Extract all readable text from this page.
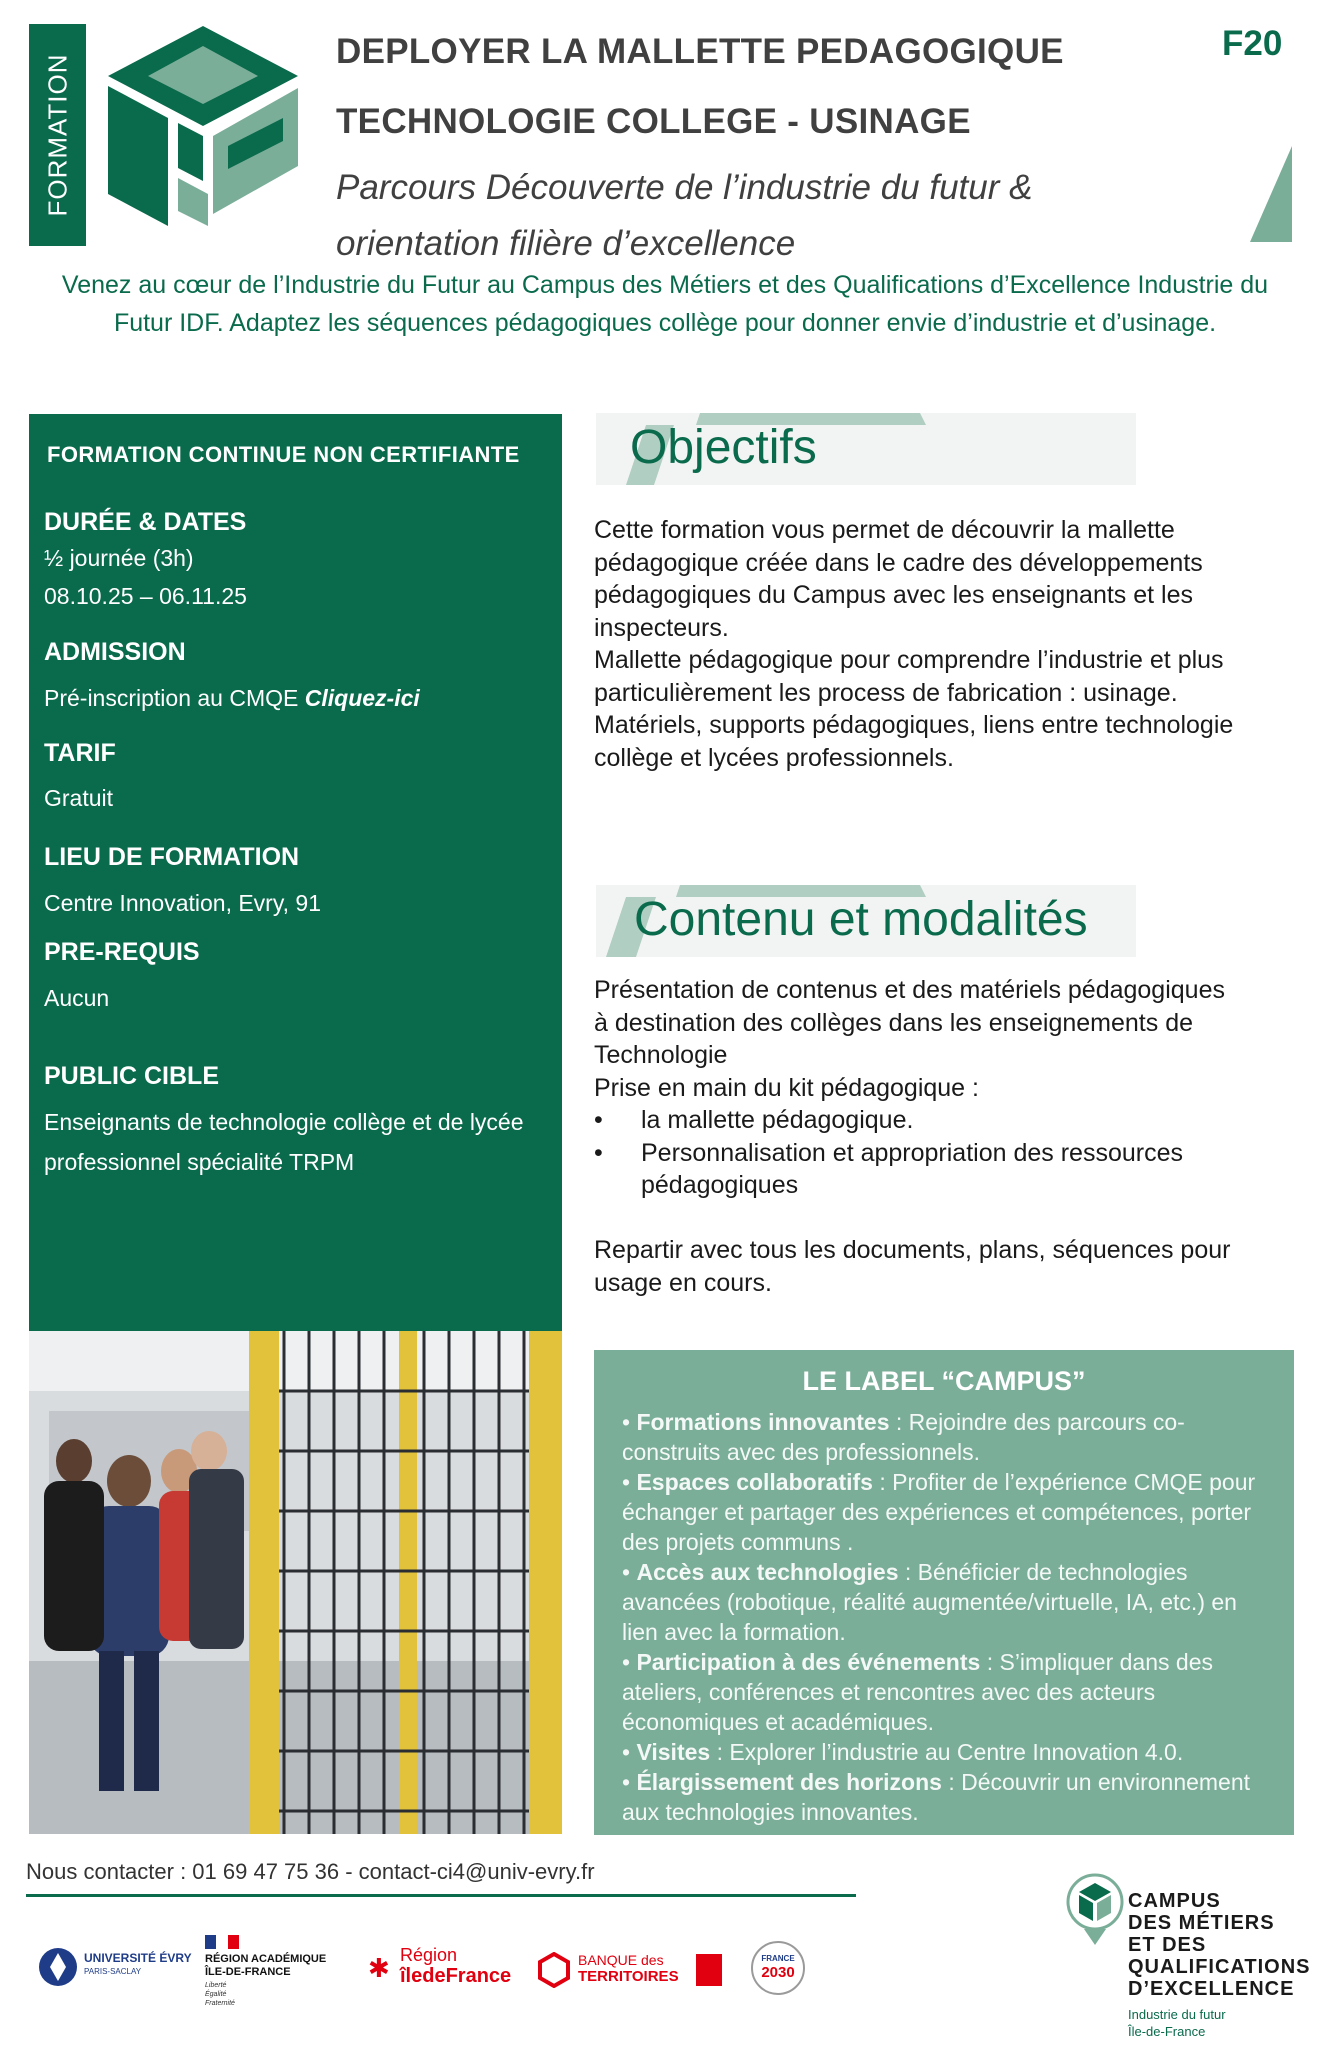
FORMATION
DEPLOYER LA MALLETTE PEDAGOGIQUE
TECHNOLOGIE COLLEGE - USINAGE
Parcours Découverte de l’industrie du futur & orientation filière d’excellence
F20
Venez au cœur de l’Industrie du Futur au Campus des Métiers et des Qualifications d’Excellence Industrie du Futur IDF. Adaptez les séquences pédagogiques collège pour donner envie d’industrie et d’usinage.
FORMATION CONTINUE NON CERTIFIANTE
DURÉE & DATES
½ journée (3h)
08.10.25 – 06.11.25
ADMISSION
Pré-inscription au CMQE Cliquez-ici
TARIF
Gratuit
LIEU DE FORMATION
Centre Innovation, Evry, 91
PRE-REQUIS
Aucun
PUBLIC CIBLE
Enseignants de technologie collège et de lycée
professionnel spécialité TRPM
Objectifs
Cette formation vous permet de découvrir la mallette
pédagogique créée dans le cadre des développements
pédagogiques du Campus avec les enseignants et les
inspecteurs.
Mallette pédagogique pour comprendre l’industrie et plus
particulièrement les process de fabrication : usinage.
Matériels, supports pédagogiques, liens entre technologie
collège et lycées professionnels.
Contenu et modalités
Présentation de contenus et des matériels pédagogiques
à destination des collèges dans les enseignements de
Technologie
Prise en main du kit pédagogique :
• la mallette pédagogique.
• Personnalisation et appropriation des ressources
pédagogiques
Repartir avec tous les documents, plans, séquences pour
usage en cours.
LE LABEL “CAMPUS”

• Formations innovantes : Rejoindre des parcours co-construits avec des professionnels.

• Espaces collaboratifs : Profiter de l’expérience CMQE pour échanger et partager des expériences et compétences, porter des projets communs .

• Accès aux technologies : Bénéficier de technologies avancées (robotique, réalité augmentée/virtuelle, IA, etc.) en lien avec la formation.

• Participation à des événements : S’impliquer dans des ateliers, conférences et rencontres avec des acteurs économiques et académiques.

• Visites : Explorer l’industrie au Centre Innovation 4.0.

• Élargissement des horizons : Découvrir un environnement aux technologies innovantes.

Nous contacter : 01 69 47 75 36 - contact-ci4@univ-evry.fr
UNIVERSITÉ ÉVRY
PARIS-SACLAY
RÉGION ACADÉMIQUE
ÎLE-DE-FRANCE
Liberté
Égalité
Fraternité
✱ Région
îledeFrance
BANQUE des
TERRITOIRES
FRANCE
2030
CAMPUS
DES MÉTIERS
ET DES
QUALIFICATIONS
D’EXCELLENCE
Industrie du futur
Île-de-France
